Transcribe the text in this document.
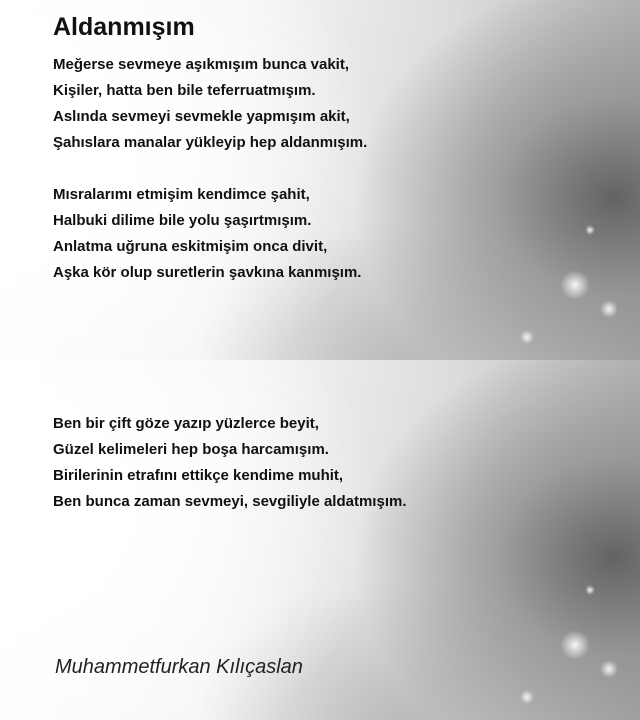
Aldanmışım

Meğerse sevmeye aşıkmışım bunca vakit,
Kişiler, hatta ben bile teferruatmışım.
Aslında sevmeyi sevmekle yapmışım akit,
Şahıslara manalar yükleyip hep aldanmışım.

Mısralarımı etmişim kendimce şahit,
Halbuki dilime bile yolu şaşırtmışım.
Anlatma uğruna eskitmişim onca divit,
Aşka kör olup suretlerin şavkına kanmışım.

Ben bir çift göze yazıp yüzlerce beyit,
Güzel kelimeleri hep boşa harcamışım.
Birilerinin etrafını ettikçe kendime muhit,
Ben bunca zaman sevmeyi, sevgiliyle aldatmışım.

Muhammetfurkan Kılıçaslan
